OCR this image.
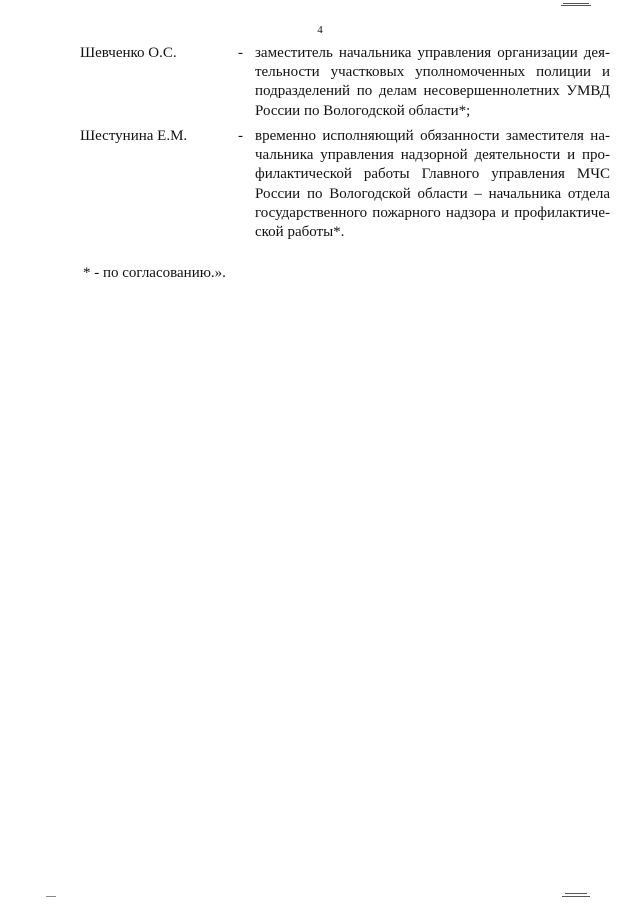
4
Шевченко О.С.	- заместитель начальника управления организации деятельности участковых уполномоченных полиции и подразделений по делам несовершеннолетних УМВД России по Вологодской области*;
Шестунина Е.М.	- временно исполняющий обязанности заместителя начальника управления надзорной деятельности и профилактической работы Главного управления МЧС России по Вологодской области – начальника отдела государственного пожарного надзора и профилактической работы*.
* - по согласованию.».
